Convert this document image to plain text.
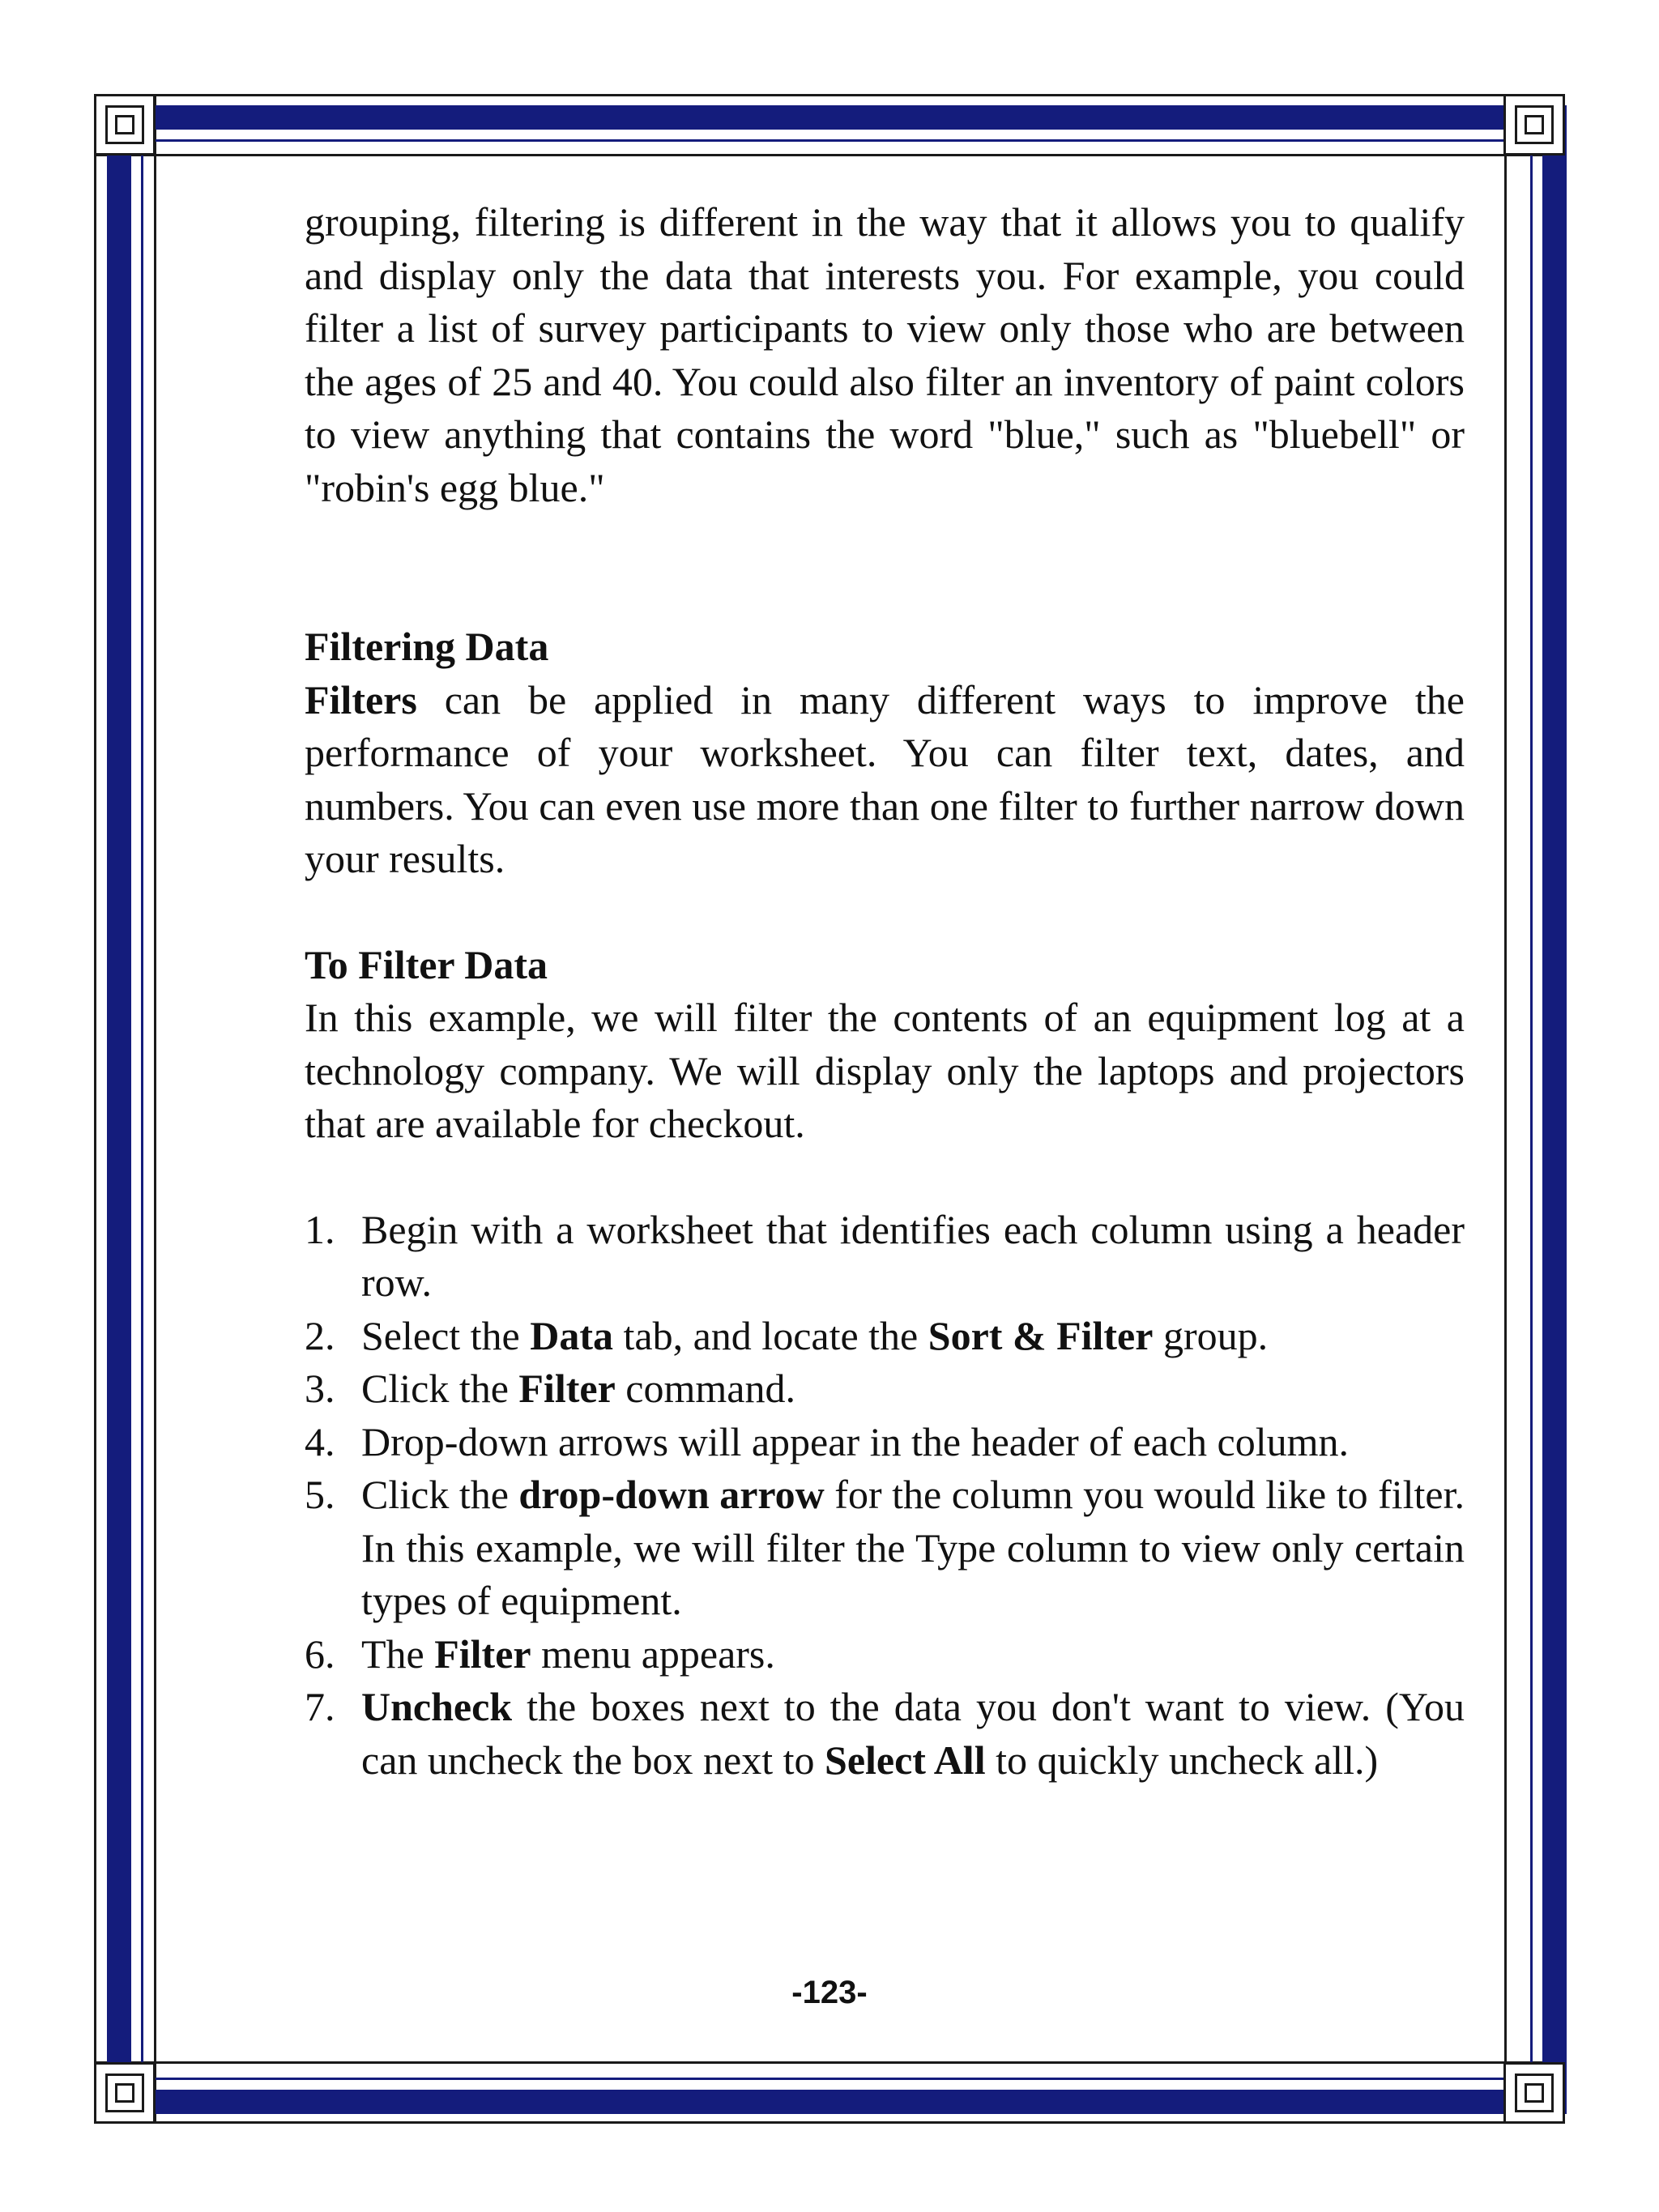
grouping, filtering is different in the way that it allows you to qualify and display only the data that interests you. For example, you could filter a list of survey participants to view only those who are between the ages of 25 and 40. You could also filter an inventory of paint colors to view anything that contains the word "blue," such as "bluebell" or "robin's egg blue."

Filtering Data

Filters can be applied in many different ways to improve the performance of your worksheet. You can filter text, dates, and numbers. You can even use more than one filter to further narrow down your results.

To Filter Data

In this example, we will filter the contents of an equipment log at a technology company. We will display only the laptops and projectors that are available for checkout.

1. Begin with a worksheet that identifies each column using a header row.
2. Select the Data tab, and locate the Sort & Filter group.
3. Click the Filter command.
4. Drop-down arrows will appear in the header of each column.
5. Click the drop-down arrow for the column you would like to filter. In this example, we will filter the Type column to view only certain types of equipment.
6. The Filter menu appears.
7. Uncheck the boxes next to the data you don't want to view. (You can uncheck the box next to Select All to quickly uncheck all.)
-123-
